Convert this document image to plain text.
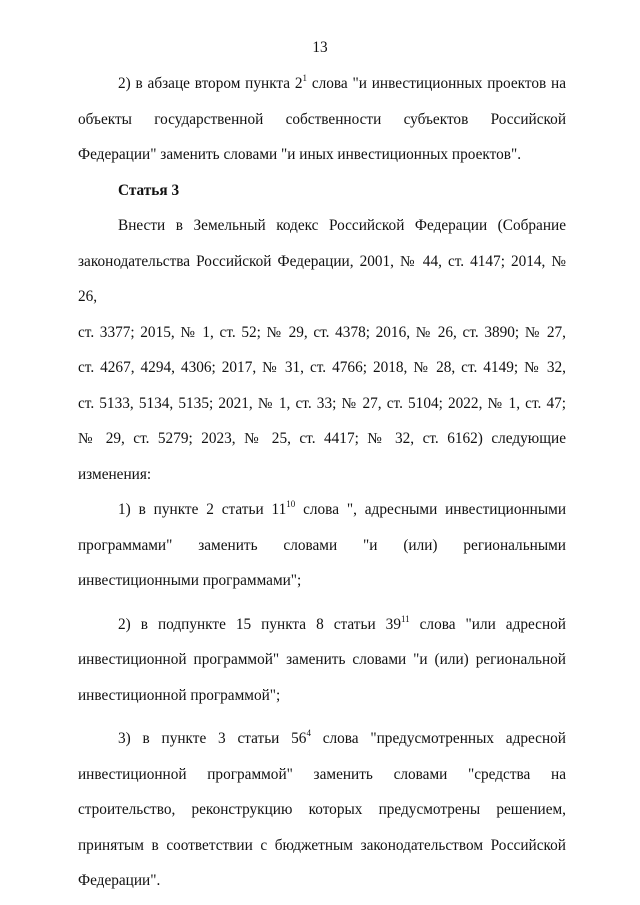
13

2) в абзаце втором пункта $2^1$ слова "и инвестиционных проектов на

объекты государственной собственности субъектов Российской

Федерации" заменить словами "и иных инвестиционных проектов".

Статья 3

Внести в Земельный кодекс Российской Федерации (Собрание

законодательства Российской Федерации, 2001, № 44, ст. 4147; 2014, № 26,

ст. 3377; 2015, № 1, ст. 52; № 29, ст. 4378; 2016, № 26, ст. 3890; № 27,

ст. 4267, 4294, 4306; 2017, № 31, ст. 4766; 2018, № 28, ст. 4149; № 32,

ст. 5133, 5134, 5135; 2021, № 1, ст. 33; № 27, ст. 5104; 2022, № 1, ст. 47;

№ 29, ст. 5279; 2023, № 25, ст. 4417; № 32, ст. 6162) следующие изменения:

1) в пункте 2 статьи $11^{10}$ слова ", адресными инвестиционными

программами" заменить словами "и (или) региональными

инвестиционными программами";

2) в подпункте 15 пункта 8 статьи $39^{11}$ слова "или адресной

инвестиционной программой" заменить словами "и (или) региональной

инвестиционной программой";

3) в пункте 3 статьи $56^4$ слова "предусмотренных адресной

инвестиционной программой" заменить словами "средства на

строительство, реконструкцию которых предусмотрены решением,

принятым в соответствии с бюджетным законодательством Российской

Федерации".
